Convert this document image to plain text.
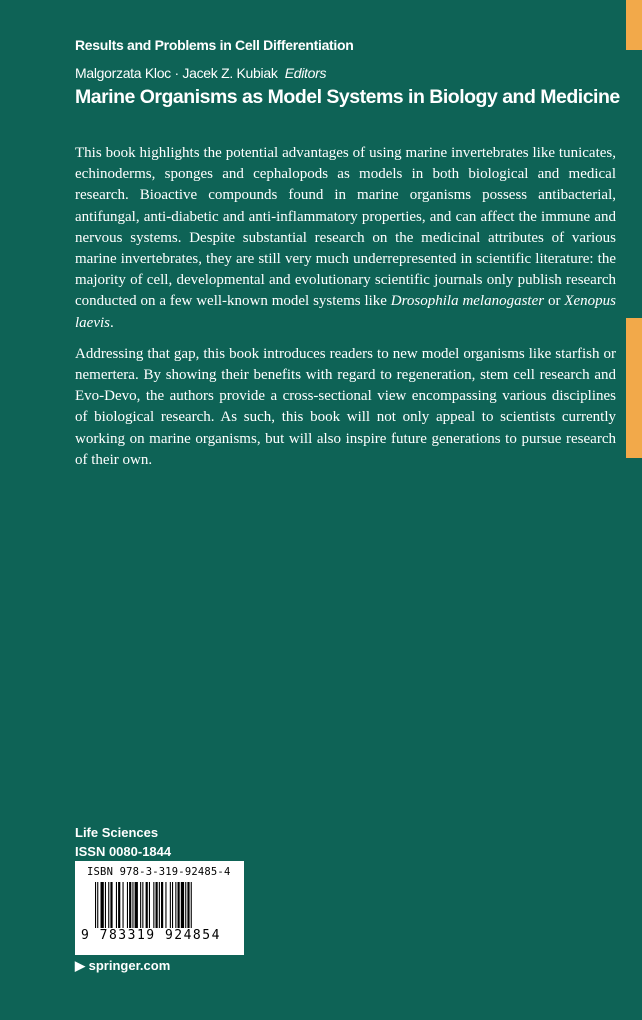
Results and Problems in Cell Differentiation
Malgorzata Kloc · Jacek Z. Kubiak Editors
Marine Organisms as Model Systems in Biology and Medicine

This book highlights the potential advantages of using marine invertebrates like tunicates, echinoderms, sponges and cephalopods as models in both biological and medical research. Bioactive compounds found in marine organisms possess antibacterial, antifungal, anti-diabetic and anti-inflammatory properties, and can affect the immune and nervous systems. Despite substantial research on the medicinal attributes of various marine invertebrates, they are still very much underrepresented in scientific literature: the majority of cell, developmental and evolutionary scientific journals only publish research conducted on a few well-known model systems like Drosophila melanogaster or Xenopus laevis.

Addressing that gap, this book introduces readers to new model organisms like starfish or nemertera. By showing their benefits with regard to regeneration, stem cell research and Evo-Devo, the authors provide a cross-sectional view encompassing various disciplines of biological research. As such, this book will not only appeal to scientists currently working on marine organisms, but will also inspire future generations to pursue research of their own.

Life Sciences
ISSN 0080-1844
ISBN 978-3-319-92485-4
9 783319 924854
▶ springer.com
